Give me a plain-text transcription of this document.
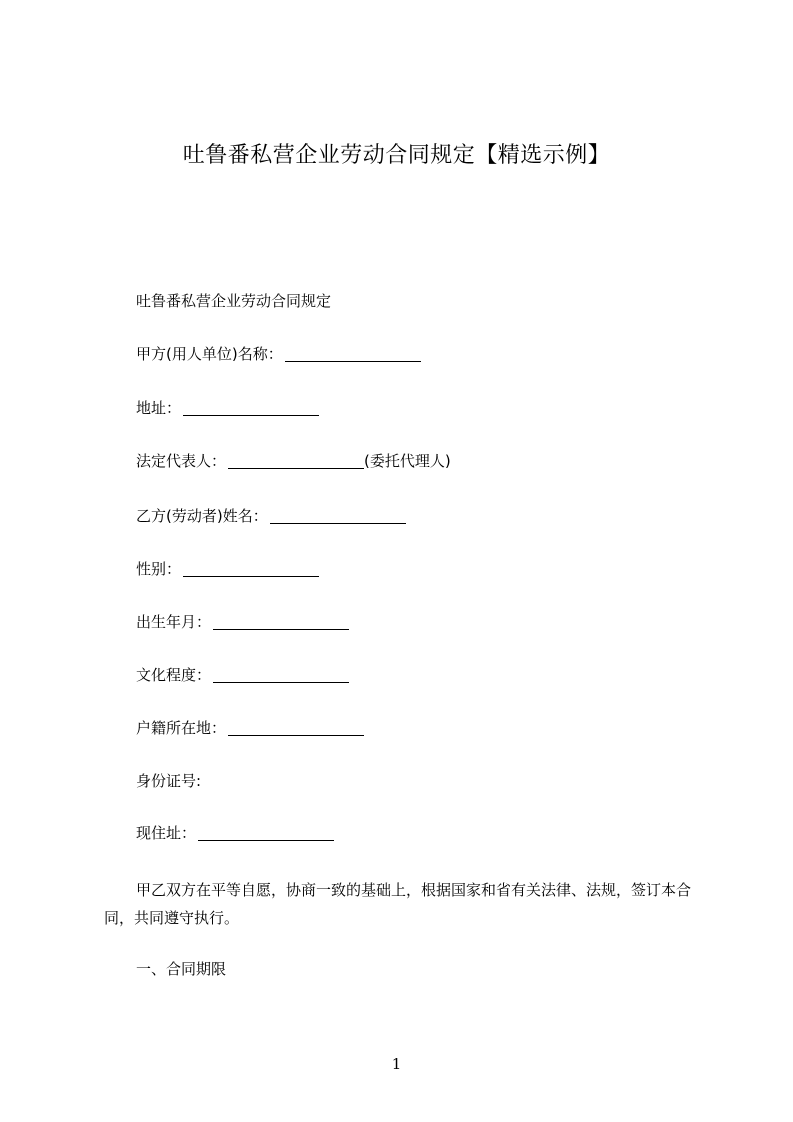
吐鲁番私营企业劳动合同规定【精选示例】
吐鲁番私营企业劳动合同规定
甲方(用人单位)名称：
地址：
法定代表人：	(委托代理人)
乙方(劳动者)姓名：
性别：
出生年月：
文化程度：
户籍所在地：
身份证号:
现住址：
甲乙双方在平等自愿，协商一致的基础上，根据国家和省有关法律、法规，签订本合同，共同遵守执行。
一、合同期限
1
